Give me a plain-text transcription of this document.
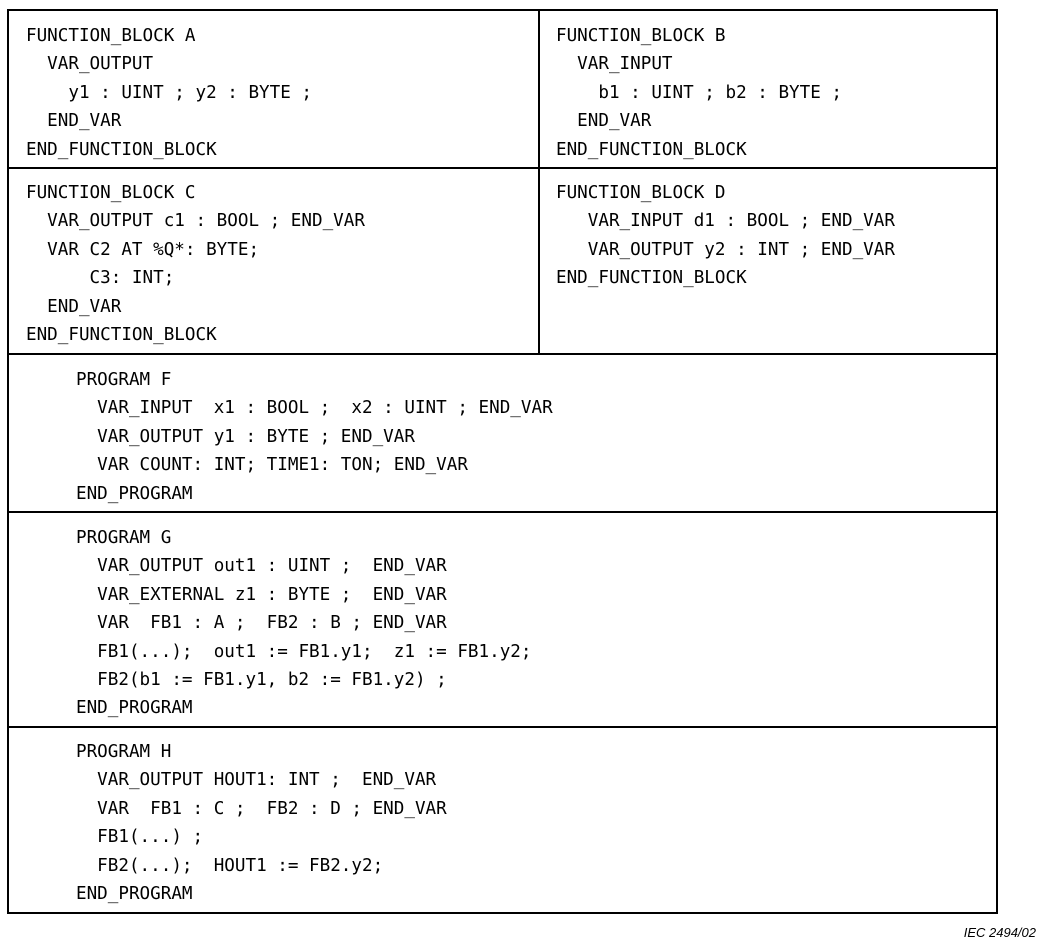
FUNCTION_BLOCK A
VAR_OUTPUT
y1 : UINT ; y2 : BYTE ;
END_VAR
END_FUNCTION_BLOCK
FUNCTION_BLOCK B
VAR_INPUT
b1 : UINT ; b2 : BYTE ;
END_VAR
END_FUNCTION_BLOCK
FUNCTION_BLOCK C
VAR_OUTPUT c1 : BOOL ; END_VAR
VAR C2 AT %Q*: BYTE;
C3: INT;
END_VAR
END_FUNCTION_BLOCK
FUNCTION_BLOCK D
VAR_INPUT d1 : BOOL ; END_VAR
VAR_OUTPUT y2 : INT ; END_VAR
END_FUNCTION_BLOCK
PROGRAM F
VAR_INPUT  x1 : BOOL ;  x2 : UINT ; END_VAR
VAR_OUTPUT y1 : BYTE ; END_VAR
VAR COUNT: INT; TIME1: TON; END_VAR
END_PROGRAM
PROGRAM G
VAR_OUTPUT out1 : UINT ;  END_VAR
VAR_EXTERNAL z1 : BYTE ;  END_VAR
VAR  FB1 : A ;  FB2 : B ; END_VAR
FB1(...);  out1 := FB1.y1;  z1 := FB1.y2;
FB2(b1 := FB1.y1, b2 := FB1.y2) ;
END_PROGRAM
PROGRAM H
VAR_OUTPUT HOUT1: INT ;  END_VAR
VAR  FB1 : C ;  FB2 : D ; END_VAR
FB1(...) ;
FB2(...);  HOUT1 := FB2.y2;
END_PROGRAM
IEC 2494/02
